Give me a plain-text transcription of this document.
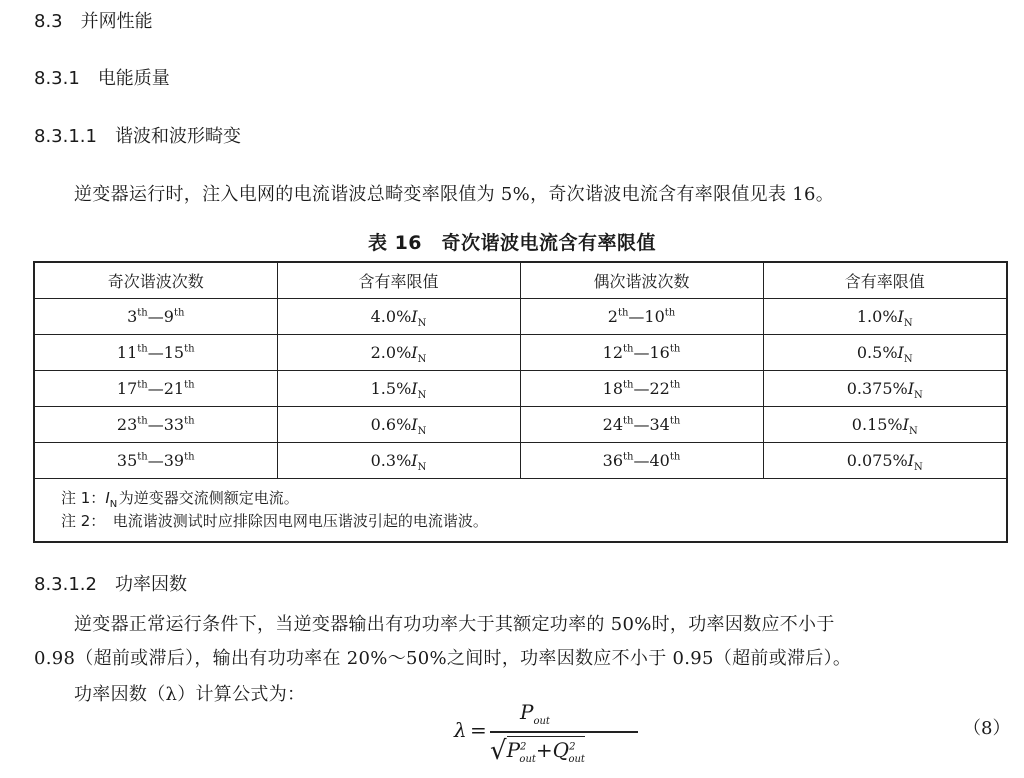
8.3 并网性能
8.3.1 电能质量
8.3.1.1 谐波和波形畸变
逆变器运行时，注入电网的电流谐波总畸变率限值为 5%，奇次谐波电流含有率限值见表 16。
表 16　奇次谐波电流含有率限值
奇次谐波次数	含有率限值	偶次谐波次数	含有率限值
3th—9th	$4.0\%I_N$	2th—10th	$1.0\%I_N$
11th—15th	$2.0\%I_N$	12th—16th	$0.5\%I_N$
17th—21th	$1.5\%I_N$	18th—22th	$0.375\%I_N$
23th—33th	$0.6\%I_N$	24th—34th	$0.15\%I_N$
35th—39th	$0.3\%I_N$	36th—40th	$0.075\%I_N$

注 1：$I_N$  为逆变器交流侧额定电流。
注 2：　电流谐波测试时应排除因电网电压谐波引起的电流谐波。			
8.3.1.2 功率因数
逆变器正常运行条件下，当逆变器输出有功功率大于其额定功率的 50%时，功率因数应不小于
0.98（超前或滞后），输出有功功率在 20%～50%之间时，功率因数应不小于 0.95（超前或滞后）。
功率因数（λ）计算公式为：
λ =
$P_{out}$
$√P^2_{out}+Q^2_{out}$
（8）
